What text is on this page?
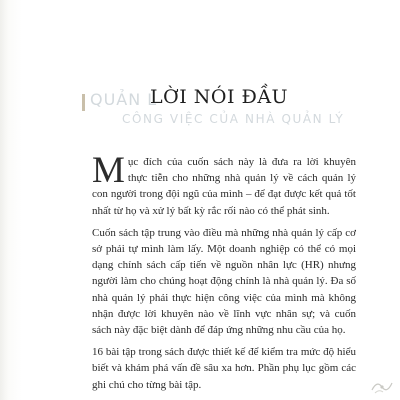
QUẢN L
CÔNG VIỆC CỦA NHÀ QUẢN LÝ
LỜI NÓI ĐẦU

Mục đích của cuốn sách này là đưa ra lời khuyên thực tiễn cho những nhà quản lý về cách quản lý con người trong đội ngũ của mình – để đạt được kết quả tốt nhất từ họ và xử lý bất kỳ rắc rối nào có thể phát sinh.

Cuốn sách tập trung vào điều mà những nhà quản lý cấp cơ sở phải tự mình làm lấy. Một doanh nghiệp có thể có mọi dạng chính sách cấp tiến về nguồn nhân lực (HR) nhưng người làm cho chúng hoạt động chính là nhà quản lý. Đa số nhà quản lý phải thực hiện công việc của mình mà không nhận được lời khuyên nào về lĩnh vực nhân sự; và cuốn sách này đặc biệt dành để đáp ứng những nhu cầu của họ.

16 bài tập trong sách được thiết kế để kiểm tra mức độ hiểu biết và khám phá vấn đề sâu xa hơn. Phần phụ lục gồm các ghi chú cho từng bài tập.
